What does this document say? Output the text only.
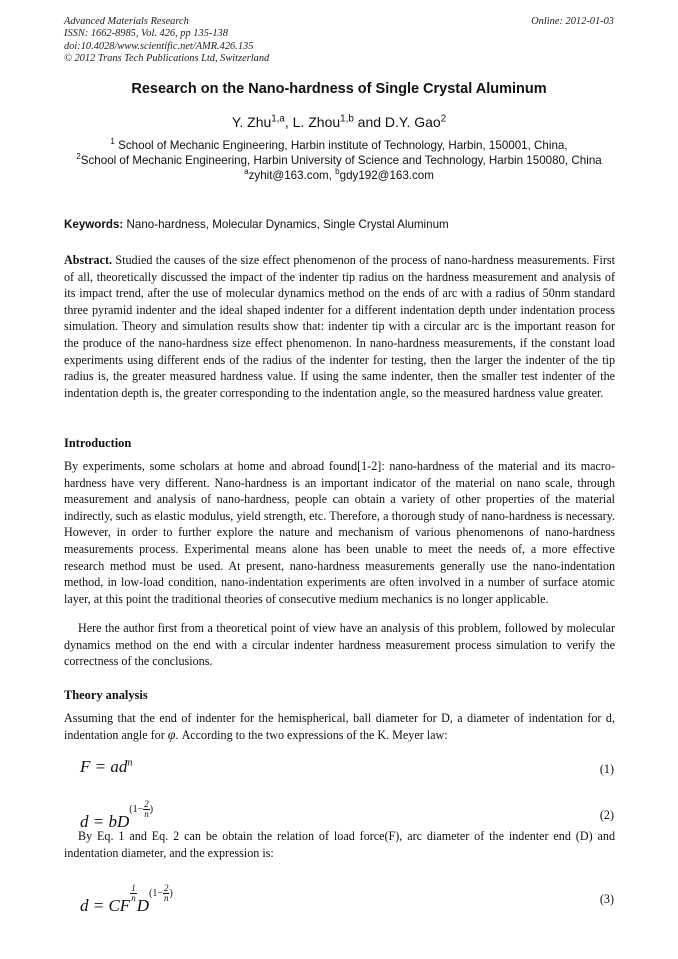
Advanced Materials Research
ISSN: 1662-8985, Vol. 426, pp 135-138
doi:10.4028/www.scientific.net/AMR.426.135
© 2012 Trans Tech Publications Ltd, Switzerland
Online: 2012-01-03
Research on the Nano-hardness of Single Crystal Aluminum
Y. Zhu$^{1,a}$, L. Zhou$^{1,b}$ and D.Y. Gao$^2$
$^1$ School of Mechanic Engineering, Harbin institute of Technology, Harbin, 150001, China,
$^2$School of Mechanic Engineering, Harbin University of Science and Technology, Harbin 150080, China
$^a$zyhit@163.com, $^b$gdy192@163.com
Keywords: Nano-hardness, Molecular Dynamics, Single Crystal Aluminum
Abstract. Studied the causes of the size effect phenomenon of the process of nano-hardness measurements. First of all, theoretically discussed the impact of the indenter tip radius on the hardness measurement and analysis of its impact trend, after the use of molecular dynamics method on the ends of arc with a radius of 50nm standard three pyramid indenter and the ideal shaped indenter for a different indentation depth under indentation process simulation. Theory and simulation results show that: indenter tip with a circular arc is the important reason for the produce of the nano-hardness size effect phenomenon. In nano-hardness measurements, if the constant load experiments using different ends of the radius of the indenter for testing, then the larger the indenter of the tip radius is, the greater measured hardness value. If using the same indenter, then the smaller test indenter of the indentation depth is, the greater corresponding to the indentation angle, so the measured hardness value greater.
Introduction
By experiments, some scholars at home and abroad found[1-2]: nano-hardness of the material and its macro-hardness have very different. Nano-hardness is an important indicator of the material on nano scale, through measurement and analysis of nano-hardness, people can obtain a variety of other properties of the material indirectly, such as elastic modulus, yield strength, etc. Therefore, a thorough study of nano-hardness is necessary. However, in order to further explore the nature and mechanism of various phenomenons of nano-hardness measurements process. Experimental means alone has been unable to meet the needs of, a more effective research method must be used. At present, nano-hardness measurements generally use the nano-indentation method, in low-load condition, nano-indentation experiments are often involved in a number of surface atomic layer, at this point the traditional theories of consecutive medium mechanics is no longer applicable.
Here the author first from a theoretical point of view have an analysis of this problem, followed by molecular dynamics method on the end with a circular indenter hardness measurement process simulation to verify the correctness of the conclusions.
Theory analysis
Assuming that the end of indenter for the hemispherical, ball diameter for D, a diameter of indentation for d, indentation angle for φ. According to the two expressions of the K. Meyer law:
$F = ad^n$	(1)
$d = bD(1- \frac{2}{n}$ )	(2)
By Eq. 1 and Eq. 2 can be obtain the relation of load force(F), arc diameter of the indenter end (D) and indentation diameter, and the expression is:
d = CF
$\frac{1}{n}$
$D(1- \frac{2}{n}$ )	(3)
